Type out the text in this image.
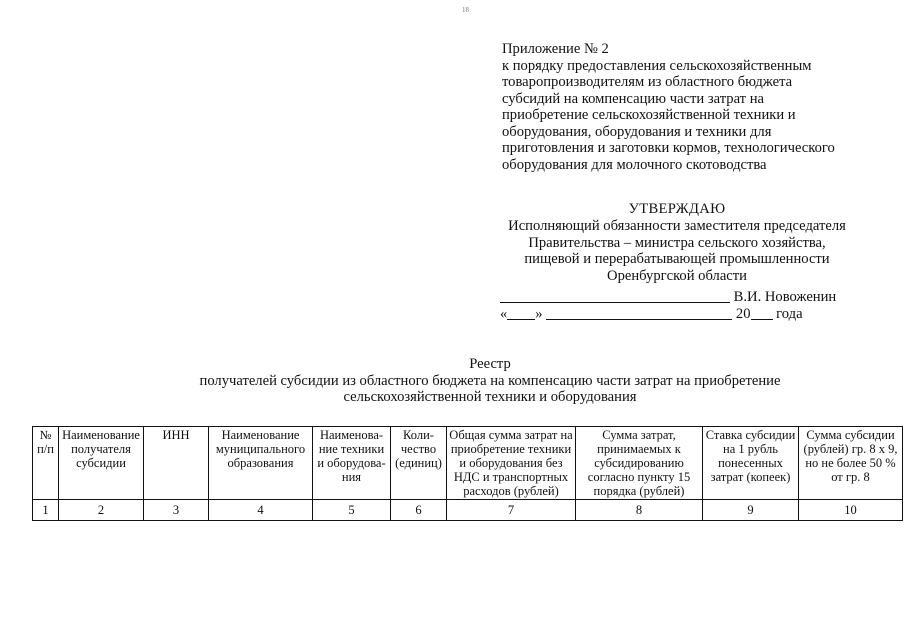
18
Приложение № 2
к порядку предоставления сельскохозяйственным
товаропроизводителям из областного бюджета
субсидий на компенсацию части затрат на
приобретение сельскохозяйственной техники и
оборудования, оборудования и техники для
приготовления и заготовки кормов, технологического
оборудования для молочного скотоводства
УТВЕРЖДАЮ
Исполняющий обязанности заместителя председателя
Правительства – министра сельского хозяйства,
пищевой и перерабатывающей промышленности
Оренбургской области
В.И. Новоженин
« »	20 года
Реестр
получателей субсидии из областного бюджета на компенсацию части затрат на приобретение
сельскохозяйственной техники и оборудования
№ п/п	Наименование получателя субсидии	ИНН	Наименование муниципального образования	Наименова-ние техники и оборудова-ния	Коли-чество (единиц)	Общая сумма затрат на приобретение техники и оборудования без НДС и транспортных расходов (рублей)	Сумма затрат, принимаемых к субсидированию согласно пункту 15 порядка (рублей)	Ставка субсидии на 1 рубль понесенных затрат (копеек)	Сумма субсидии (рублей) гр. 8 х 9, но не более 50 % от гр. 8
1	2	3	4	5	6	7	8	9	10
